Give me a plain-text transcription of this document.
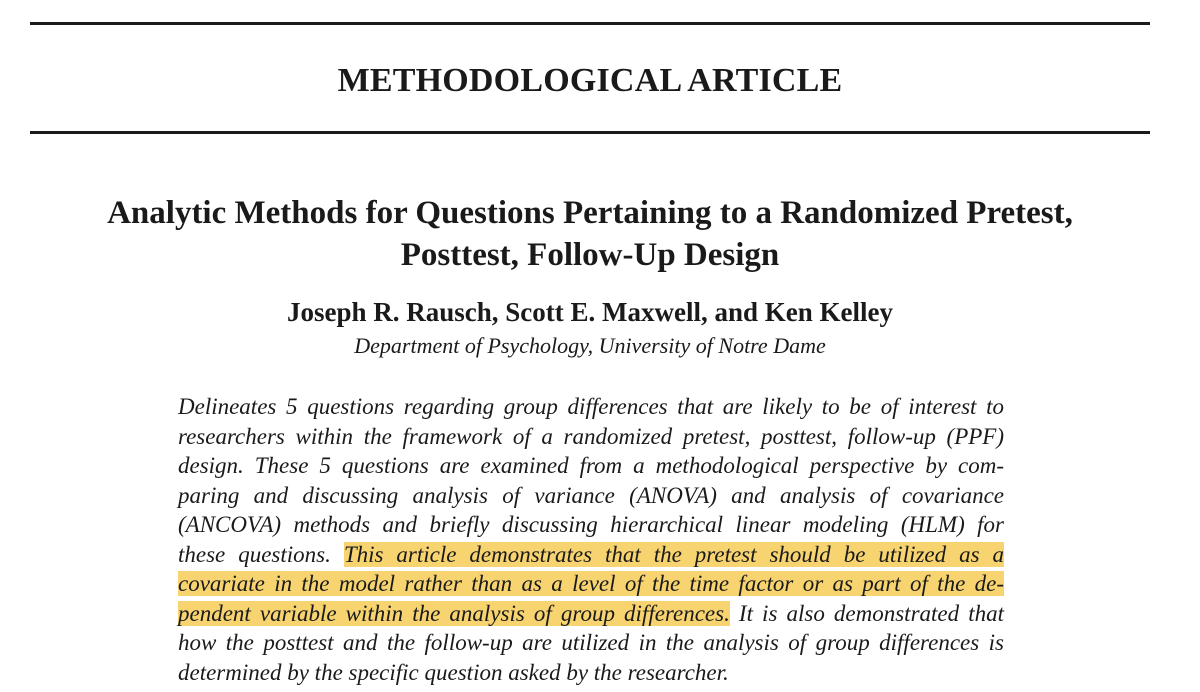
METHODOLOGICAL ARTICLE
Analytic Methods for Questions Pertaining to a Randomized Pretest,
Posttest, Follow-Up Design
Joseph R. Rausch, Scott E. Maxwell, and Ken Kelley
Department of Psychology, University of Notre Dame
Delineates 5 questions regarding group differences that are likely to be of interest to
researchers within the framework of a randomized pretest, posttest, follow-up (PPF)
design. These 5 questions are examined from a methodological perspective by com-
paring and discussing analysis of variance (ANOVA) and analysis of covariance
(ANCOVA) methods and briefly discussing hierarchical linear modeling (HLM) for
these questions. This article demonstrates that the pretest should be utilized as a
covariate in the model rather than as a level of the time factor or as part of the de-
pendent variable within the analysis of group differences. It is also demonstrated that
how the posttest and the follow-up are utilized in the analysis of group differences is
determined by the specific question asked by the researcher.
